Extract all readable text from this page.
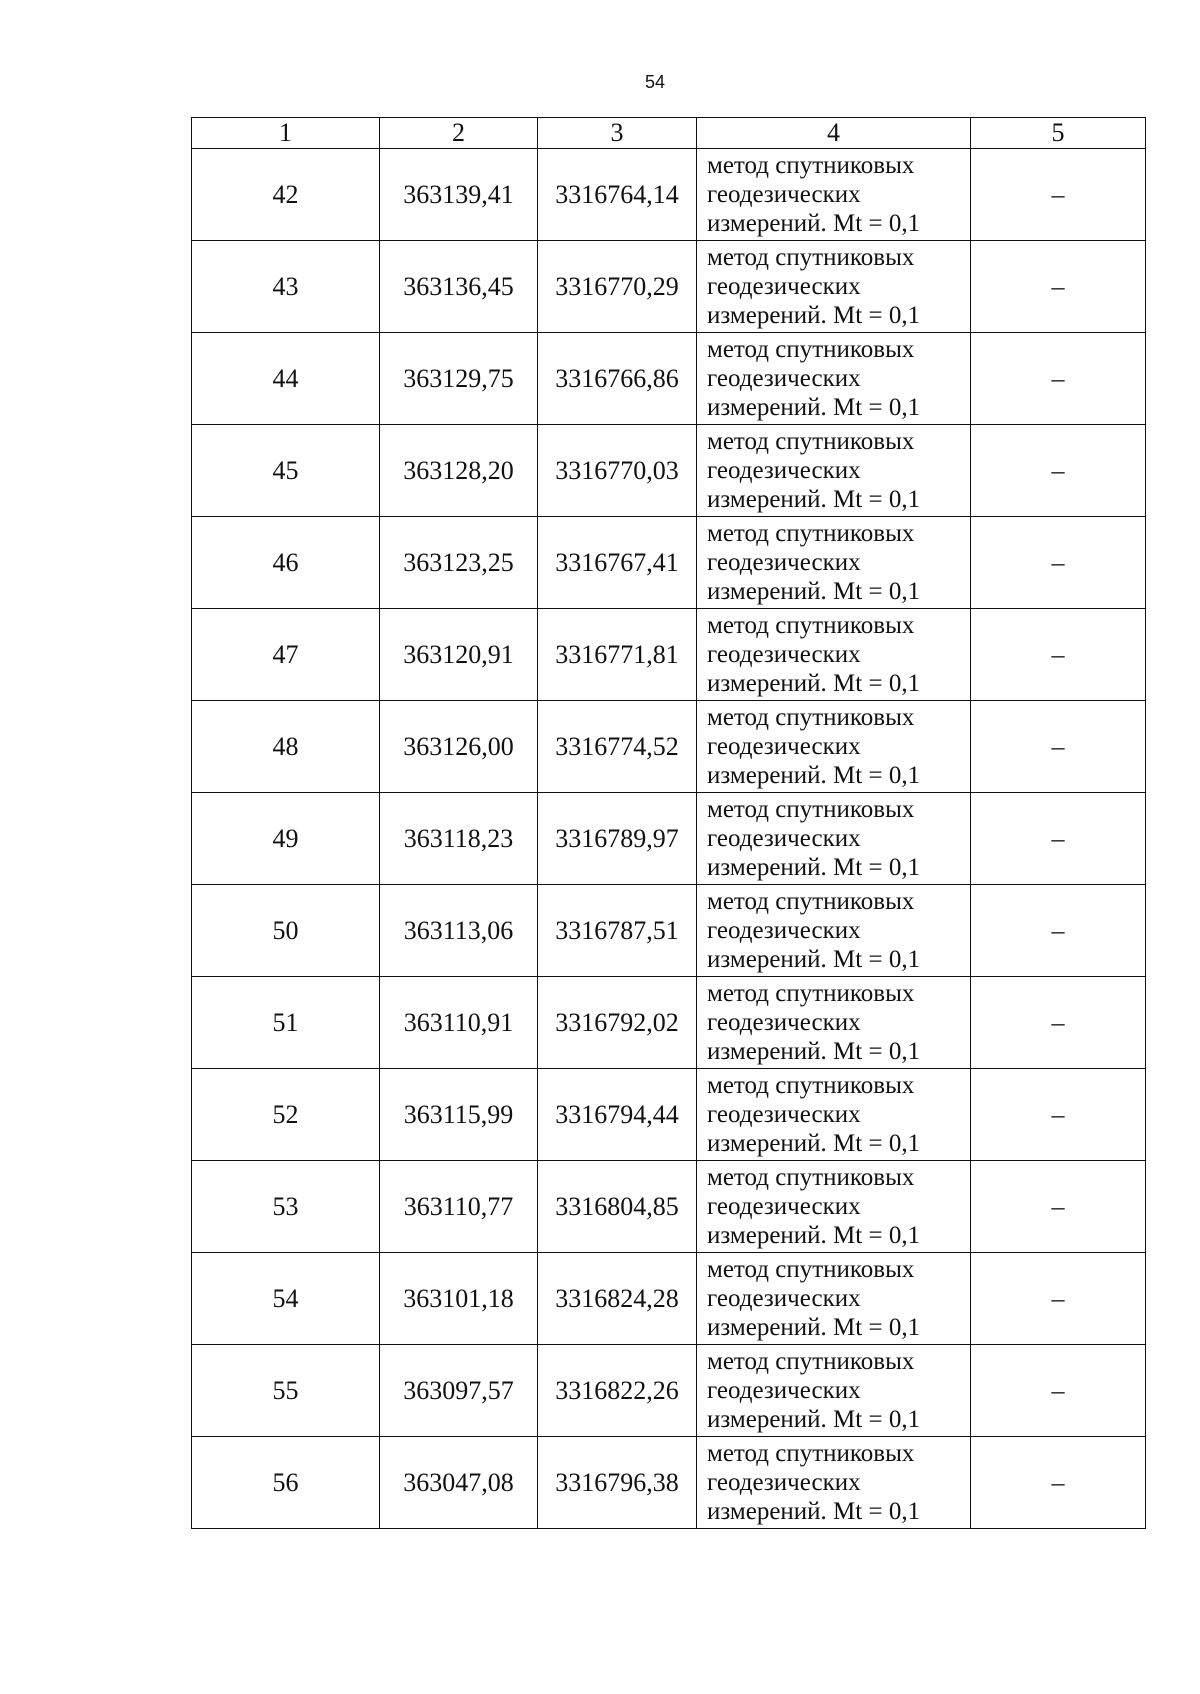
54
1	2	3	4	5
42	363139,41	3316764,14	метод спутниковых
геодезических
измерений. Mt = 0,1	–
43	363136,45	3316770,29	метод спутниковых
геодезических
измерений. Mt = 0,1	–
44	363129,75	3316766,86	метод спутниковых
геодезических
измерений. Mt = 0,1	–
45	363128,20	3316770,03	метод спутниковых
геодезических
измерений. Mt = 0,1	–
46	363123,25	3316767,41	метод спутниковых
геодезических
измерений. Mt = 0,1	–
47	363120,91	3316771,81	метод спутниковых
геодезических
измерений. Mt = 0,1	–
48	363126,00	3316774,52	метод спутниковых
геодезических
измерений. Mt = 0,1	–
49	363118,23	3316789,97	метод спутниковых
геодезических
измерений. Mt = 0,1	–
50	363113,06	3316787,51	метод спутниковых
геодезических
измерений. Mt = 0,1	–
51	363110,91	3316792,02	метод спутниковых
геодезических
измерений. Mt = 0,1	–
52	363115,99	3316794,44	метод спутниковых
геодезических
измерений. Mt = 0,1	–
53	363110,77	3316804,85	метод спутниковых
геодезических
измерений. Mt = 0,1	–
54	363101,18	3316824,28	метод спутниковых
геодезических
измерений. Mt = 0,1	–
55	363097,57	3316822,26	метод спутниковых
геодезических
измерений. Mt = 0,1	–
56	363047,08	3316796,38	метод спутниковых
геодезических
измерений. Mt = 0,1	–
